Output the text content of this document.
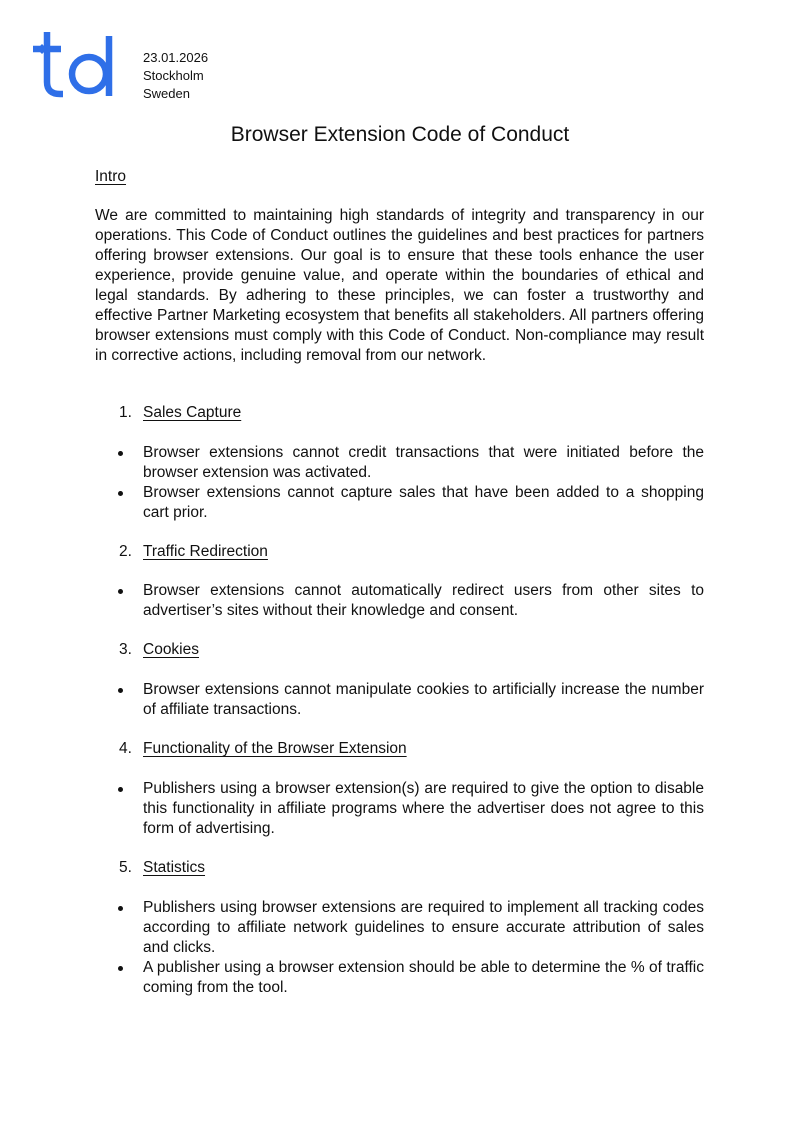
23.01.2026
Stockholm
Sweden
Browser Extension Code of Conduct
Intro

We are committed to maintaining high standards of integrity and transparency in our operations. This Code of Conduct outlines the guidelines and best practices for partners offering browser extensions. Our goal is to ensure that these tools enhance the user experience, provide genuine value, and operate within the boundaries of ethical and legal standards. By adhering to these principles, we can foster a trustworthy and effective Partner Marketing ecosystem that benefits all stakeholders. All partners offering browser extensions must comply with this Code of Conduct. Non-compliance may result in corrective actions, including removal from our network.

1. Sales Capture
Browser extensions cannot credit transactions that were initiated before the browser extension was activated.
Browser extensions cannot capture sales that have been added to a shopping cart prior.
2. Traffic Redirection
Browser extensions cannot automatically redirect users from other sites to advertiser’s sites without their knowledge and consent.
3. Cookies
Browser extensions cannot manipulate cookies to artificially increase the number of affiliate transactions.
4. Functionality of the Browser Extension
Publishers using a browser extension(s) are required to give the option to disable this functionality in affiliate programs where the advertiser does not agree to this form of advertising.
5. Statistics
Publishers using browser extensions are required to implement all tracking codes according to affiliate network guidelines to ensure accurate attribution of sales and clicks.
A publisher using a browser extension should be able to determine the % of traffic coming from the tool.
